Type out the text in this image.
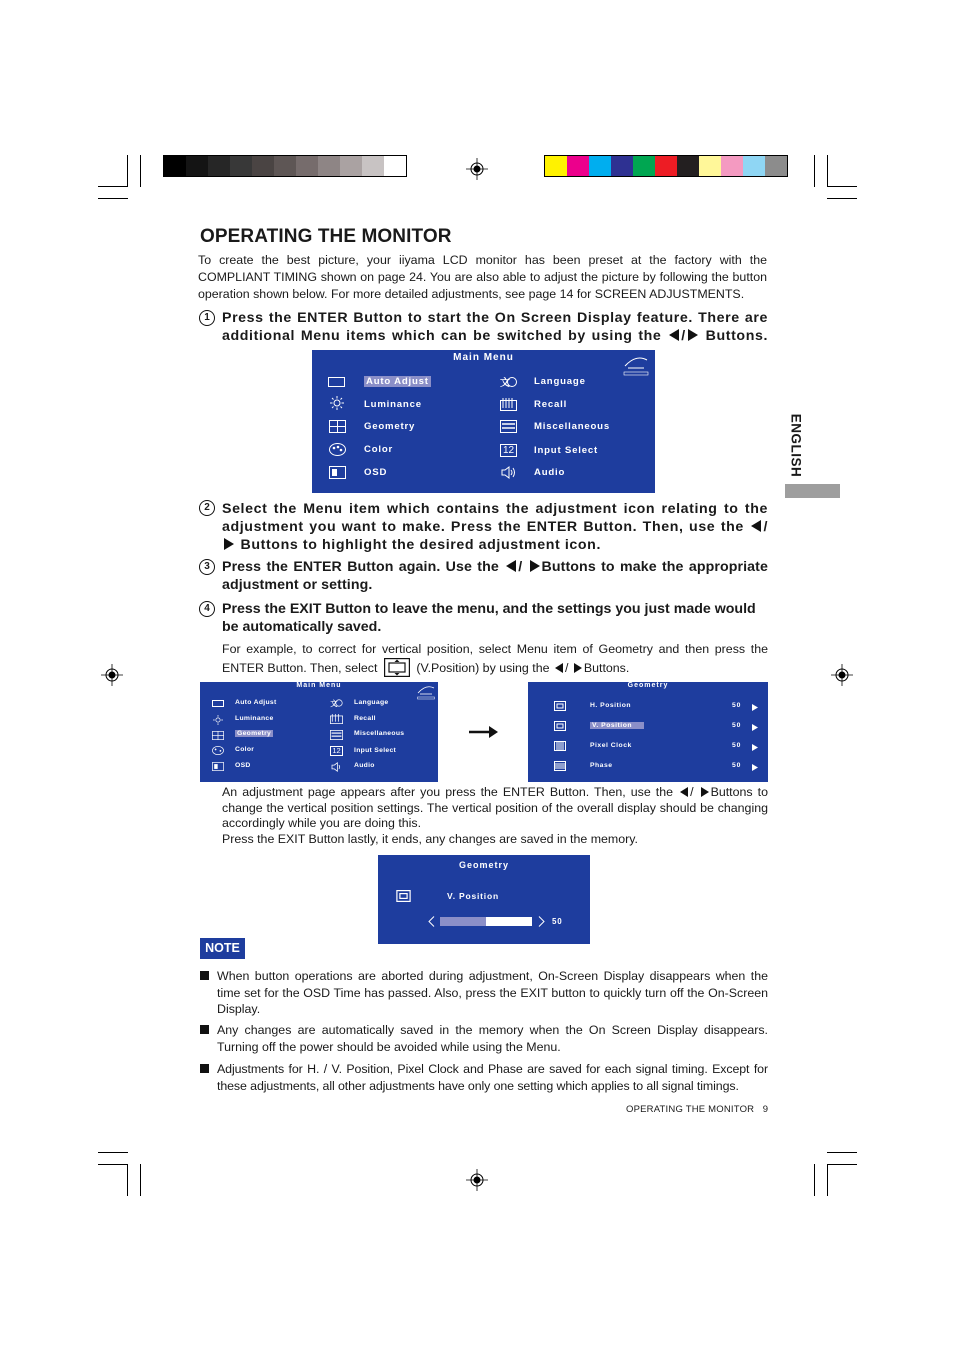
ENGLISH
OPERATING THE MONITOR

To create the best picture, your iiyama LCD monitor has been preset at the factory with the COMPLIANT TIMING shown on page 24. You are also able to adjust the picture by following the button operation shown below. For more detailed adjustments, see page 14 for SCREEN ADJUSTMENTS.

1 Press the ENTER Button to start the On Screen Display feature. There are
additional Menu items which can be switched by using the / Buttons.

Main Menu
Auto Adjust
Luminance
Geometry
Color
OSD
文
12
Language
Recall
Miscellaneous
Input Select
Audio
2 Select the Menu item which contains the adjustment icon relating to the
adjustment you want to make. Press the ENTER Button. Then, use the /
Buttons to highlight the desired adjustment icon.

3 Press the ENTER Button again. Use the / Buttons to make the appropriate
adjustment or setting.

4 Press the EXIT Button to leave the menu, and the settings you just made would
be automatically saved.

For example, to correct for vertical position, select Menu item of Geometry and then press the
ENTER Button. Then, select	(V.Position) by using the / Buttons.

Main Menu
Auto Adjust
Luminance
Geometry
Color
OSD
文
12
Language
Recall
Miscellaneous
Input Select
Audio
Geometry
H. Position
V. Position
Pixel Clock
Phase
50
50
50
50

An adjustment page appears after you press the ENTER Button. Then, use the / Buttons to
change the vertical position settings. The vertical position of the overall display should be changing accordingly while you are doing this.
Press the EXIT Button lastly, it ends, any changes are saved in the memory.

Geometry
V. Position
50
NOTE

When button operations are aborted during adjustment, On-Screen Display disappears when the time set for the OSD Time has passed. Also, press the EXIT button to quickly turn off the On-Screen Display.

Any changes are automatically saved in the memory when the On Screen Display disappears. Turning off the power should be avoided while using the Menu.

Adjustments for H. / V. Position, Pixel Clock and Phase are saved for each signal timing. Except for these adjustments, all other adjustments have only one setting which applies to all signal timings.

OPERATING THE MONITOR 9
